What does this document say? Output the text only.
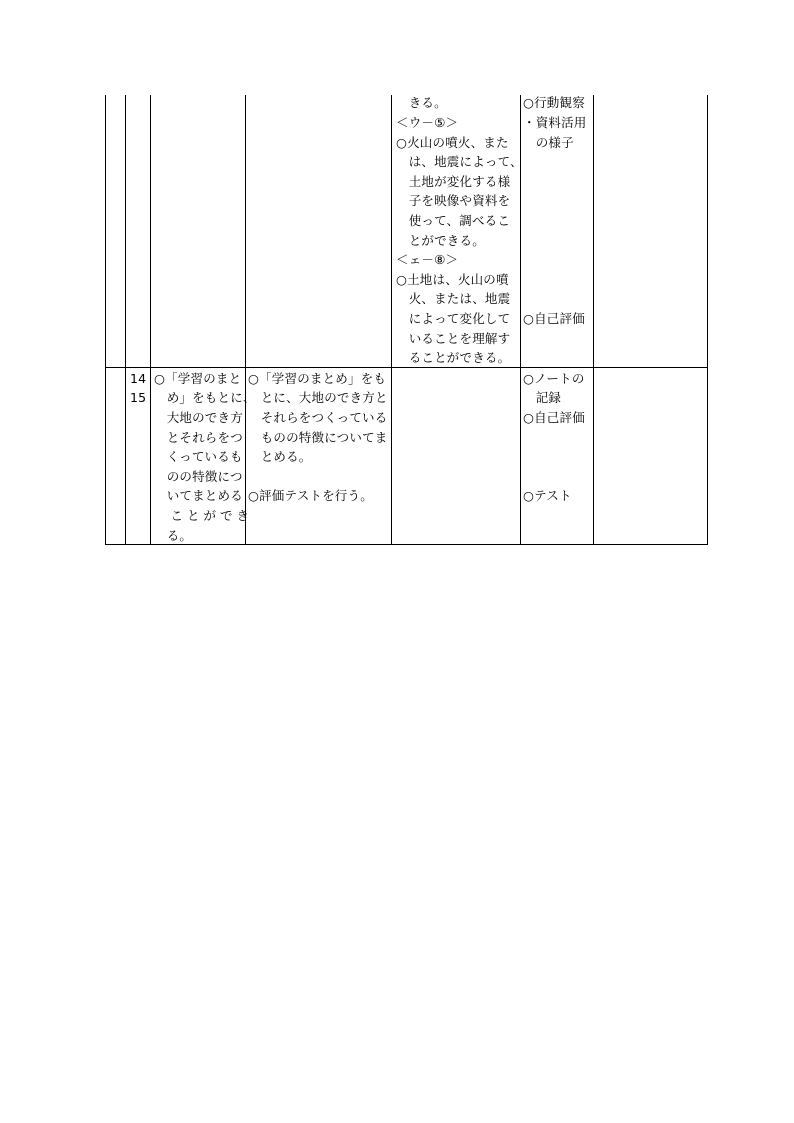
　きる。
＜ウ－⑤＞
○火山の噴火、また
　は、地震によって、
　土地が変化する様
　子を映像や資料を
　使って、調べるこ
　とができる。
＜ェ－⑧＞
○土地は、火山の噴
　火、または、地震
　によって変化して
　いることを理解す
　ることができる。
○行動観察
・資料活用
　の様子
○自己評価
14
15
○「学習のまと
　め」をもとに、
　大地のでき方
　とそれらをつ
　くっているも
　のの特徴につ
　いてまとめる
　ことができ
　る。
○「学習のまとめ」をも
　とに、大地のでき方と
　それらをつくっている
　ものの特徴についてま
　とめる。
○評価テストを行う。
○ノートの
　記録
○自己評価
○テスト
